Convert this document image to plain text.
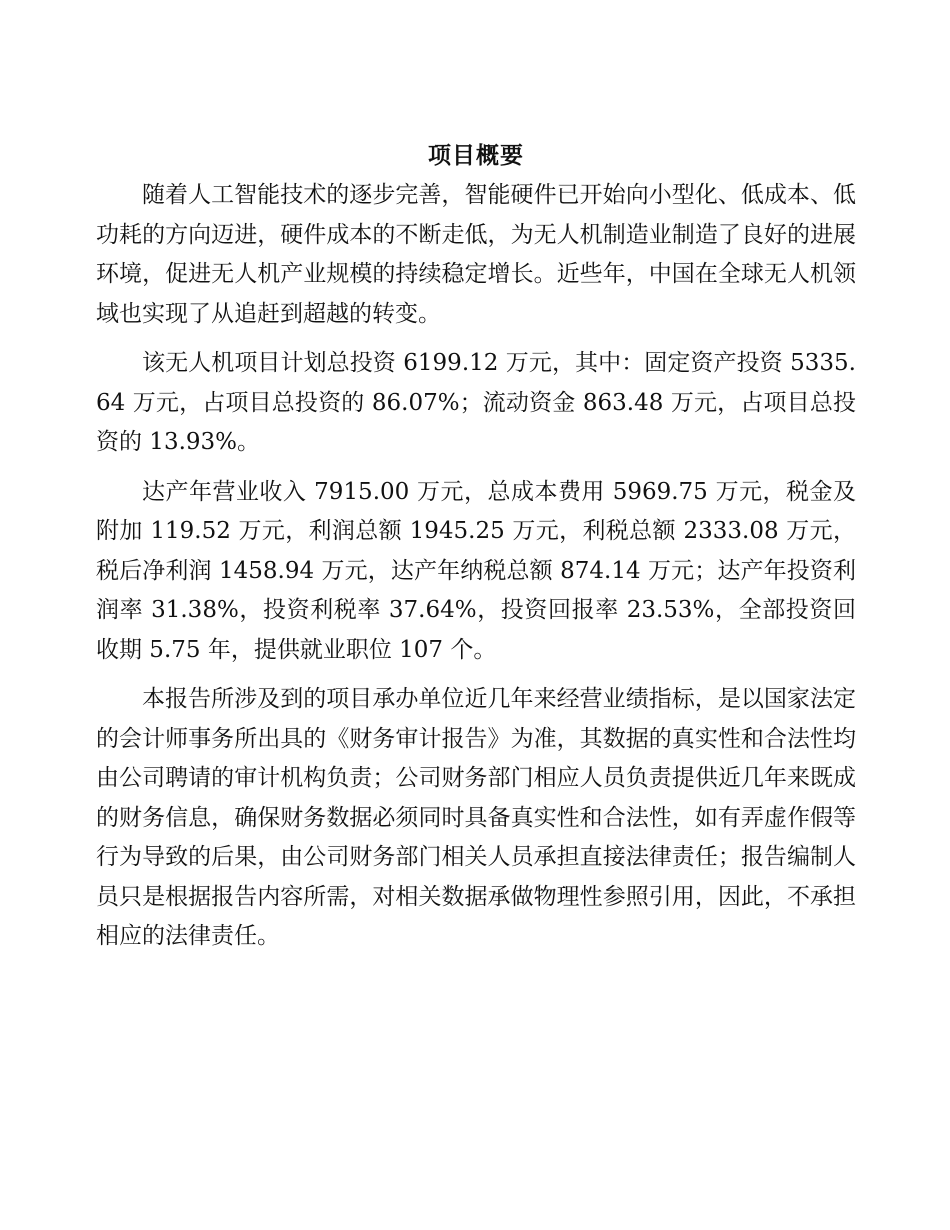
项目概要

随着人工智能技术的逐步完善，智能硬件已开始向小型化、低成本、低功耗的方向迈进，硬件成本的不断走低，为无人机制造业制造了良好的进展环境，促进无人机产业规模的持续稳定增长。近些年，中国在全球无人机领域也实现了从追赶到超越的转变。

该无人机项目计划总投资 6199.12 万元，其中：固定资产投资 5335.64 万元，占项目总投资的 86.07%；流动资金 863.48 万元，占项目总投资的 13.93%。

达产年营业收入 7915.00 万元，总成本费用 5969.75 万元，税金及附加 119.52 万元，利润总额 1945.25 万元，利税总额 2333.08 万元，税后净利润 1458.94 万元，达产年纳税总额 874.14 万元；达产年投资利润率 31.38%，投资利税率 37.64%，投资回报率 23.53%，全部投资回收期 5.75 年，提供就业职位 107 个。

本报告所涉及到的项目承办单位近几年来经营业绩指标，是以国家法定的会计师事务所出具的《财务审计报告》为准，其数据的真实性和合法性均由公司聘请的审计机构负责；公司财务部门相应人员负责提供近几年来既成的财务信息，确保财务数据必须同时具备真实性和合法性，如有弄虚作假等行为导致的后果，由公司财务部门相关人员承担直接法律责任；报告编制人员只是根据报告内容所需，对相关数据承做物理性参照引用，因此，不承担相应的法律责任。
